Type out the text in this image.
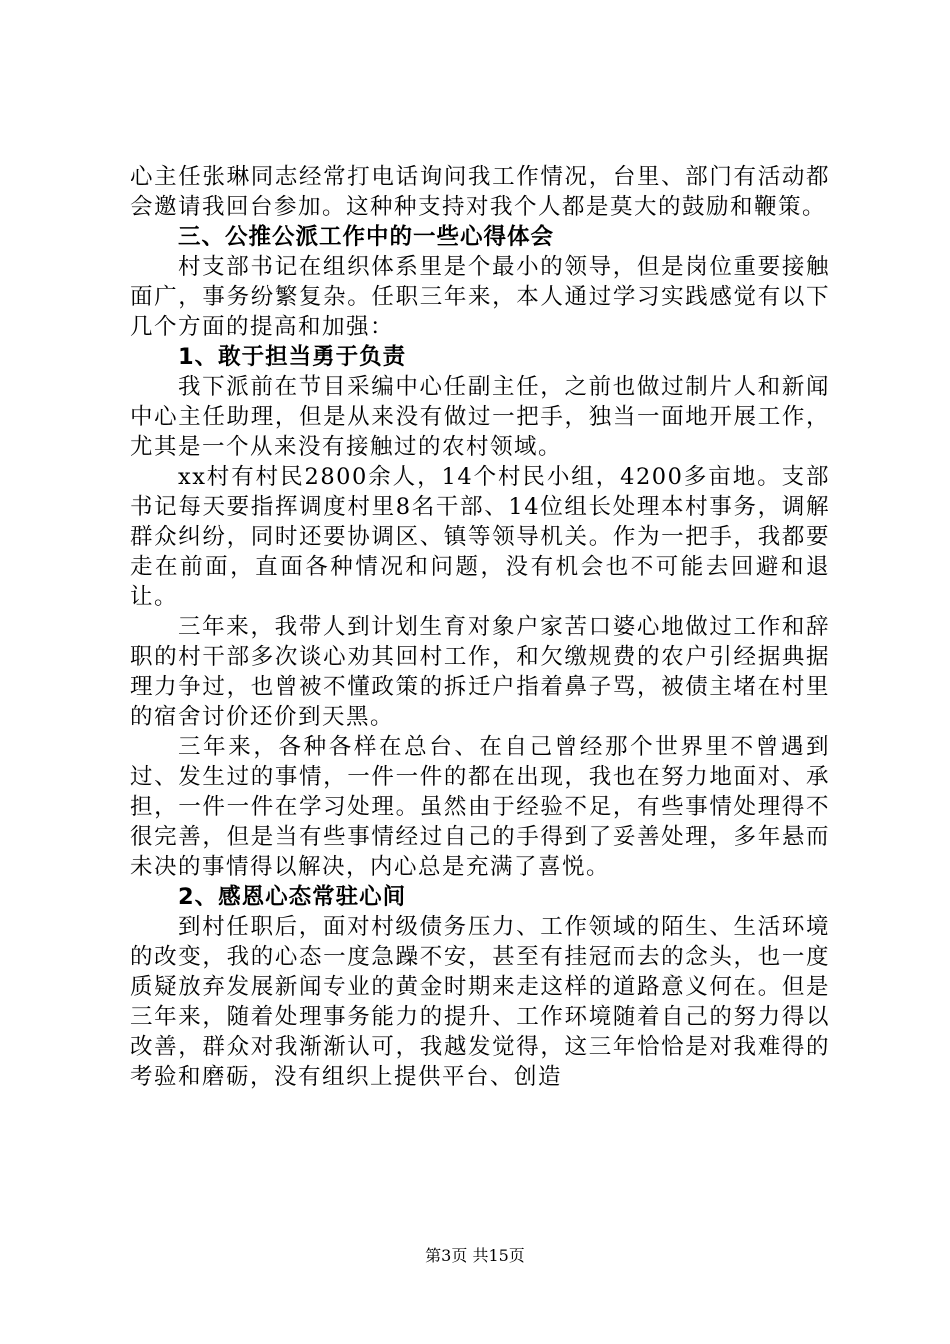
心主任张琳同志经常打电话询问我工作情况，台里、部门有活动都会邀请我回台参加。这种种支持对我个人都是莫大的鼓励和鞭策。

三、公推公派工作中的一些心得体会

村支部书记在组织体系里是个最小的领导，但是岗位重要接触面广，事务纷繁复杂。任职三年来，本人通过学习实践感觉有以下几个方面的提高和加强：

1、敢于担当勇于负责

我下派前在节目采编中心任副主任，之前也做过制片人和新闻中心主任助理，但是从来没有做过一把手，独当一面地开展工作，尤其是一个从来没有接触过的农村领域。

xx村有村民2800余人，14个村民小组，4200多亩地。支部书记每天要指挥调度村里8名干部、14位组长处理本村事务，调解群众纠纷，同时还要协调区、镇等领导机关。作为一把手，我都要走在前面，直面各种情况和问题，没有机会也不可能去回避和退让。

三年来，我带人到计划生育对象户家苦口婆心地做过工作和辞职的村干部多次谈心劝其回村工作，和欠缴规费的农户引经据典据理力争过，也曾被不懂政策的拆迁户指着鼻子骂，被债主堵在村里的宿舍讨价还价到天黑。

三年来，各种各样在总台、在自己曾经那个世界里不曾遇到过、发生过的事情，一件一件的都在出现，我也在努力地面对、承担，一件一件在学习处理。虽然由于经验不足，有些事情处理得不很完善，但是当有些事情经过自己的手得到了妥善处理，多年悬而未决的事情得以解决，内心总是充满了喜悦。

2、感恩心态常驻心间

到村任职后，面对村级债务压力、工作领域的陌生、生活环境的改变，我的心态一度急躁不安，甚至有挂冠而去的念头，也一度质疑放弃发展新闻专业的黄金时期来走这样的道路意义何在。但是三年来，随着处理事务能力的提升、工作环境随着自己的努力得以改善，群众对我渐渐认可，我越发觉得，这三年恰恰是对我难得的考验和磨砺，没有组织上提供平台、创造

第3页 共15页
